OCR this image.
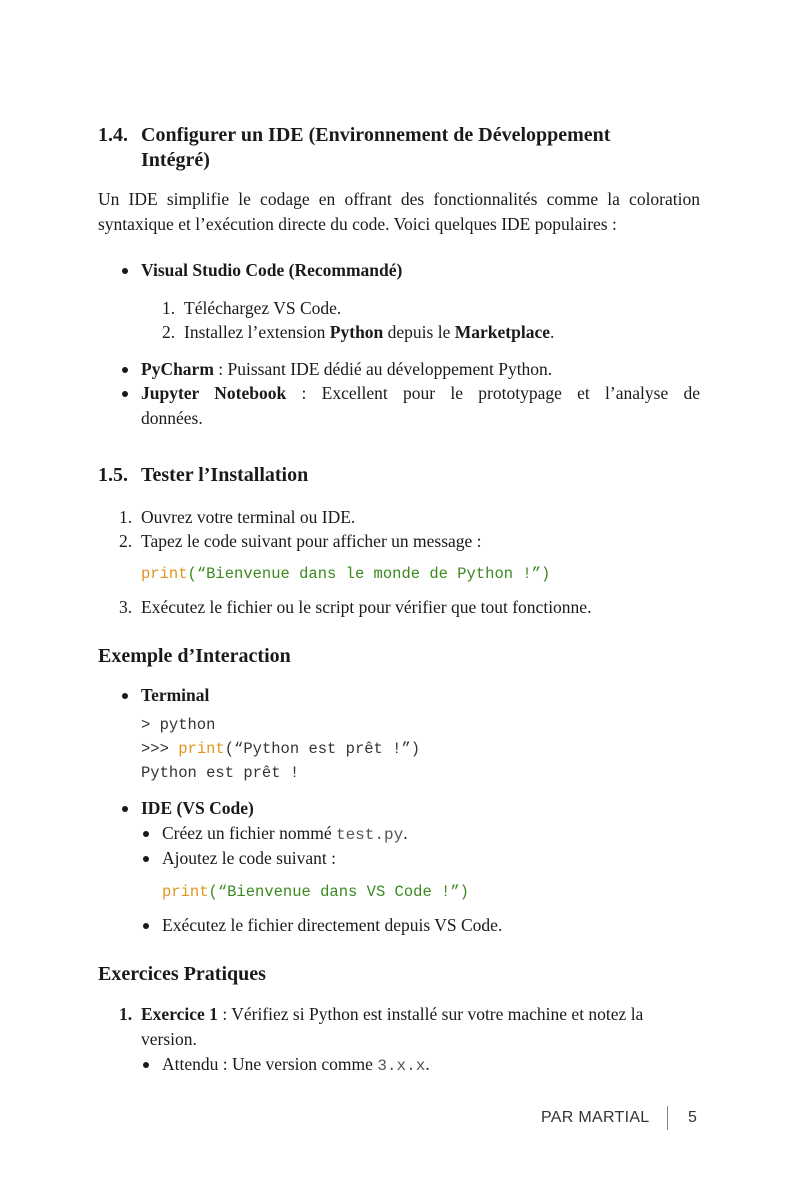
1.4. Configurer un IDE (Environnement de Développement
Intégré)

Un IDE simplifie le codage en offrant des fonctionnalités comme la coloration syntaxique et l’exécution directe du code. Voici quelques IDE populaires :

Visual Studio Code (Recommandé)
1. Téléchargez VS Code.
2. Installez l’extension Python depuis le Marketplace.
PyCharm : Puissant IDE dédié au développement Python.
Jupyter Notebook : Excellent pour le prototypage et l’analyse de
données.
1.5. Tester l’Installation
1. Ouvrez votre terminal ou IDE.
2. Tapez le code suivant pour afficher un message :
print(“Bienvenue dans le monde de Python !”)
3. Exécutez le fichier ou le script pour vérifier que tout fonctionne.
Exemple d’Interaction
Terminal
> python
>>> print(“Python est prêt !”)
Python est prêt !
IDE (VS Code)
Créez un fichier nommé test.py.
Ajoutez le code suivant :
print(“Bienvenue dans VS Code !”)
Exécutez le fichier directement depuis VS Code.
Exercices Pratiques
1. Exercice 1 : Vérifiez si Python est installé sur votre machine et notez la
version.
Attendu : Une version comme 3.x.x.
PAR MARTIAL 5
